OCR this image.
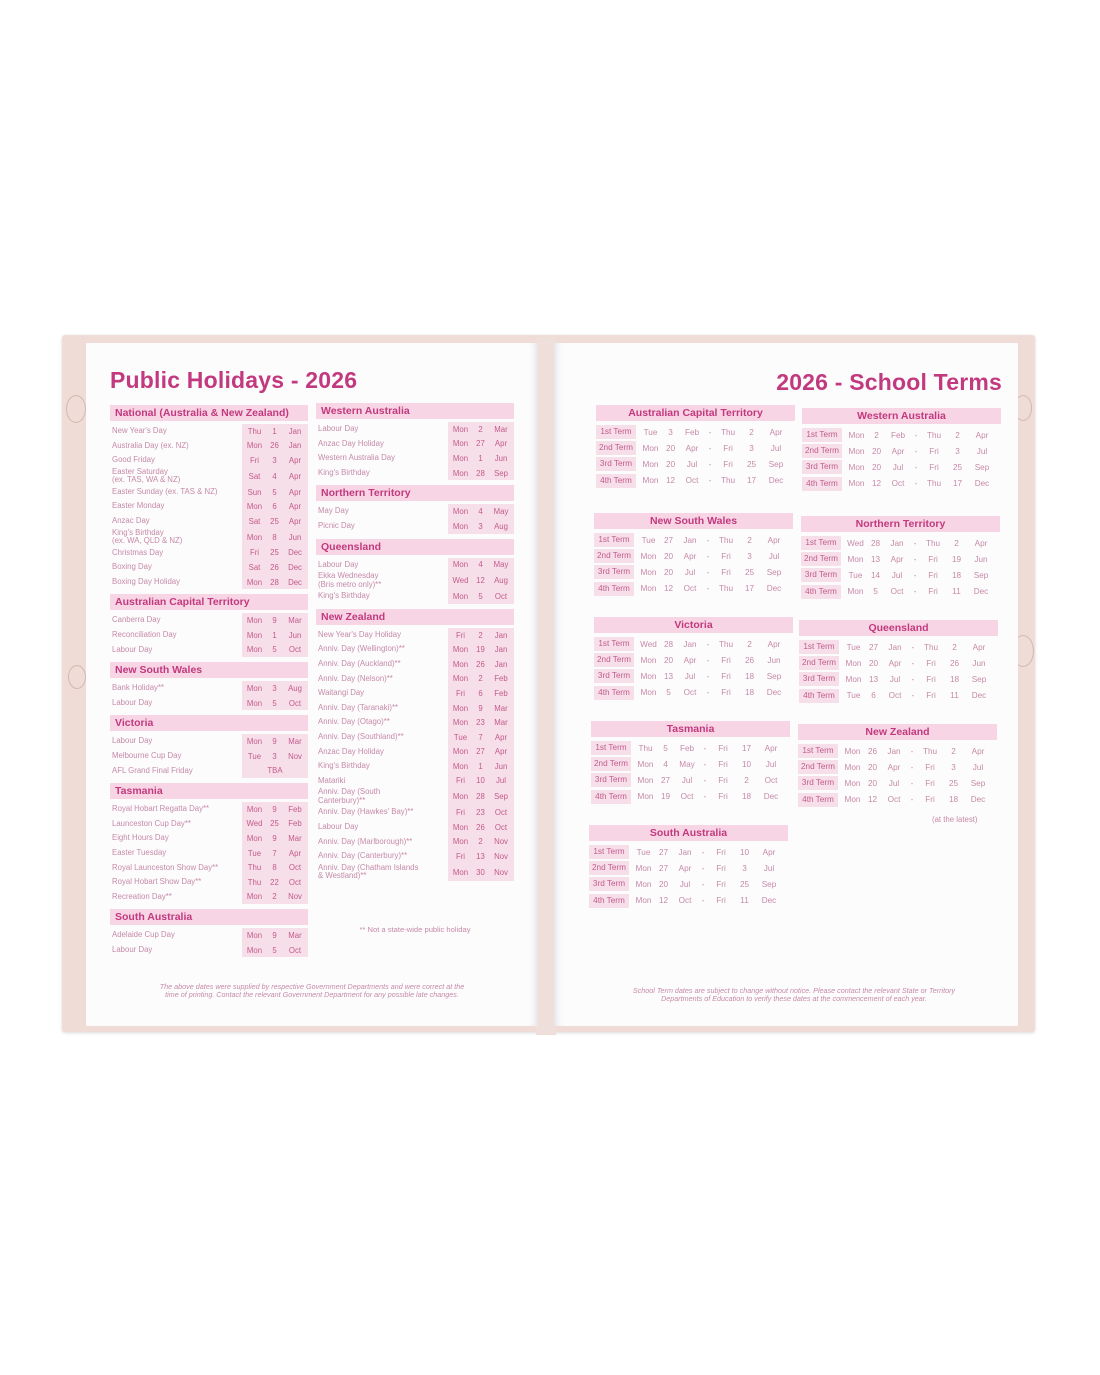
Public Holidays - 2026
National (Australia & New Zealand)
New Year's Day	Thu	1	Jan
Australia Day (ex. NZ)	Mon	26	Jan
Good Friday	Fri	3	Apr
Easter Saturday
(ex. TAS, WA & NZ)	Sat	4	Apr
Easter Sunday (ex. TAS & NZ)	Sun	5	Apr
Easter Monday	Mon	6	Apr
Anzac Day	Sat	25	Apr
King's Birthday
(ex. WA, QLD & NZ)	Mon	8	Jun
Christmas Day	Fri	25	Dec
Boxing Day	Sat	26	Dec
Boxing Day Holiday	Mon	28	Dec
Australian Capital Territory
Canberra Day	Mon	9	Mar
Reconciliation Day	Mon	1	Jun
Labour Day	Mon	5	Oct
New South Wales
Bank Holiday**	Mon	3	Aug
Labour Day	Mon	5	Oct
Victoria
Labour Day	Mon	9	Mar
Melbourne Cup Day	Tue	3	Nov
AFL Grand Final Friday	TBA
Tasmania
Royal Hobart Regatta Day**	Mon	9	Feb
Launceston Cup Day**	Wed 25	Feb
Eight Hours Day	Mon	9	Mar
Easter Tuesday	Tue	7	Apr
Royal Launceston Show Day**	Thu	8	Oct
Royal Hobart Show Day**	Thu	22	Oct
Recreation Day**	Mon	2	Nov
South Australia
Adelaide Cup Day	Mon	9	Mar
Labour Day	Mon	5	Oct
Western Australia
Labour Day	Mon	2	Mar
Anzac Day Holiday	Mon	27	Apr
Western Australia Day	Mon	1	Jun
King's Birthday	Mon	28	Sep
Northern Territory
May Day	Mon	4	May
Picnic Day	Mon	3	Aug
Queensland
Labour Day	Mon	4	May
Ekka Wednesday
(Bris metro only)**	Wed 12	Aug
King's Birthday	Mon	5	Oct
New Zealand
New Year's Day Holiday	Fri	2	Jan
Anniv. Day (Wellington)**	Mon	19	Jan
Anniv. Day (Auckland)**	Mon	26	Jan
Anniv. Day (Nelson)**	Mon	2	Feb
Waitangi Day	Fri	6	Feb
Anniv. Day (Taranaki)**	Mon	9	Mar
Anniv. Day (Otago)**	Mon	23	Mar
Anniv. Day (Southland)**	Tue	7	Apr
Anzac Day Holiday	Mon	27	Apr
King's Birthday	Mon	1	Jun
Matariki	Fri	10	Jul
Anniv. Day (South
Canterbury)**	Mon	28	Sep
Anniv. Day (Hawkes' Bay)**	Fri	23	Oct
Labour Day	Mon	26	Oct
Anniv. Day (Marlborough)**	Mon	2	Nov
Anniv. Day (Canterbury)**	Fri	13	Nov
Anniv. Day (Chatham Islands
& Westland)**	Mon	30	Nov
** Not a state-wide public holiday
The above dates were supplied by respective Government Departments and were correct at the
time of printing. Contact the relevant Government Department for any possible late changes.
2026 - School Terms
Australian Capital Territory
1st Term	Tue	3	Feb	-	Thu	2	Apr
2nd Term	Mon 20	Apr	-	Fri	3	Jul
3rd Term	Mon 20	Jul	-	Fri	25	Sep
4th Term	Mon 12	Oct	-	Thu	17	Dec
Western Australia
1st Term	Mon	2	Feb	-	Thu	2	Apr
2nd Term	Mon 20	Apr	-	Fri	3	Jul
3rd Term	Mon 20	Jul	-	Fri	25	Sep
4th Term	Mon 12	Oct	-	Thu	17	Dec
New South Wales
1st Term	Tue	27	Jan	-	Thu	2	Apr
2nd Term	Mon 20	Apr	-	Fri	3	Jul
3rd Term	Mon 20	Jul	-	Fri	25	Sep
4th Term	Mon 12	Oct	-	Thu	17	Dec
Northern Territory
1st Term	Wed 28	Jan	-	Thu	2	Apr
2nd Term	Mon 13	Apr	-	Fri	19	Jun
3rd Term	Tue	14	Jul	-	Fri	18	Sep
4th Term	Mon	5	Oct	-	Fri	11	Dec
Victoria
1st Term	Wed 28	Jan	-	Thu	2	Apr
2nd Term	Mon 20	Apr	-	Fri	26	Jun
3rd Term	Mon 13	Jul	-	Fri	18	Sep
4th Term	Mon	5	Oct	-	Fri	18	Dec
Queensland
1st Term	Tue	27	Jan	-	Thu	2	Apr
2nd Term	Mon 20	Apr	-	Fri	26	Jun
3rd Term	Mon 13	Jul	-	Fri	18	Sep
4th Term	Tue	6	Oct	-	Fri	11	Dec
Tasmania
1st Term	Thu	5	Feb	-	Fri	17	Apr
2nd Term	Mon	4	May	-	Fri	10	Jul
3rd Term	Mon 27	Jul	-	Fri	2	Oct
4th Term	Mon 19	Oct	-	Fri	18	Dec
New Zealand
1st Term	Mon 26	Jan	-	Thu	2	Apr
2nd Term	Mon 20	Apr	-	Fri	3	Jul
3rd Term	Mon 20	Jul	-	Fri	25	Sep
4th Term	Mon 12	Oct	-	Fri	18	Dec
South Australia
1st Term	Tue	27	Jan	-	Fri	10	Apr
2nd Term	Mon 27	Apr	-	Fri	3	Jul
3rd Term	Mon 20	Jul	-	Fri	25	Sep
4th Term	Mon 12	Oct	-	Fri	11	Dec
(at the latest)
School Term dates are subject to change without notice. Please contact the relevant State or Territory
Departments of Education to verify these dates at the commencement of each year.
